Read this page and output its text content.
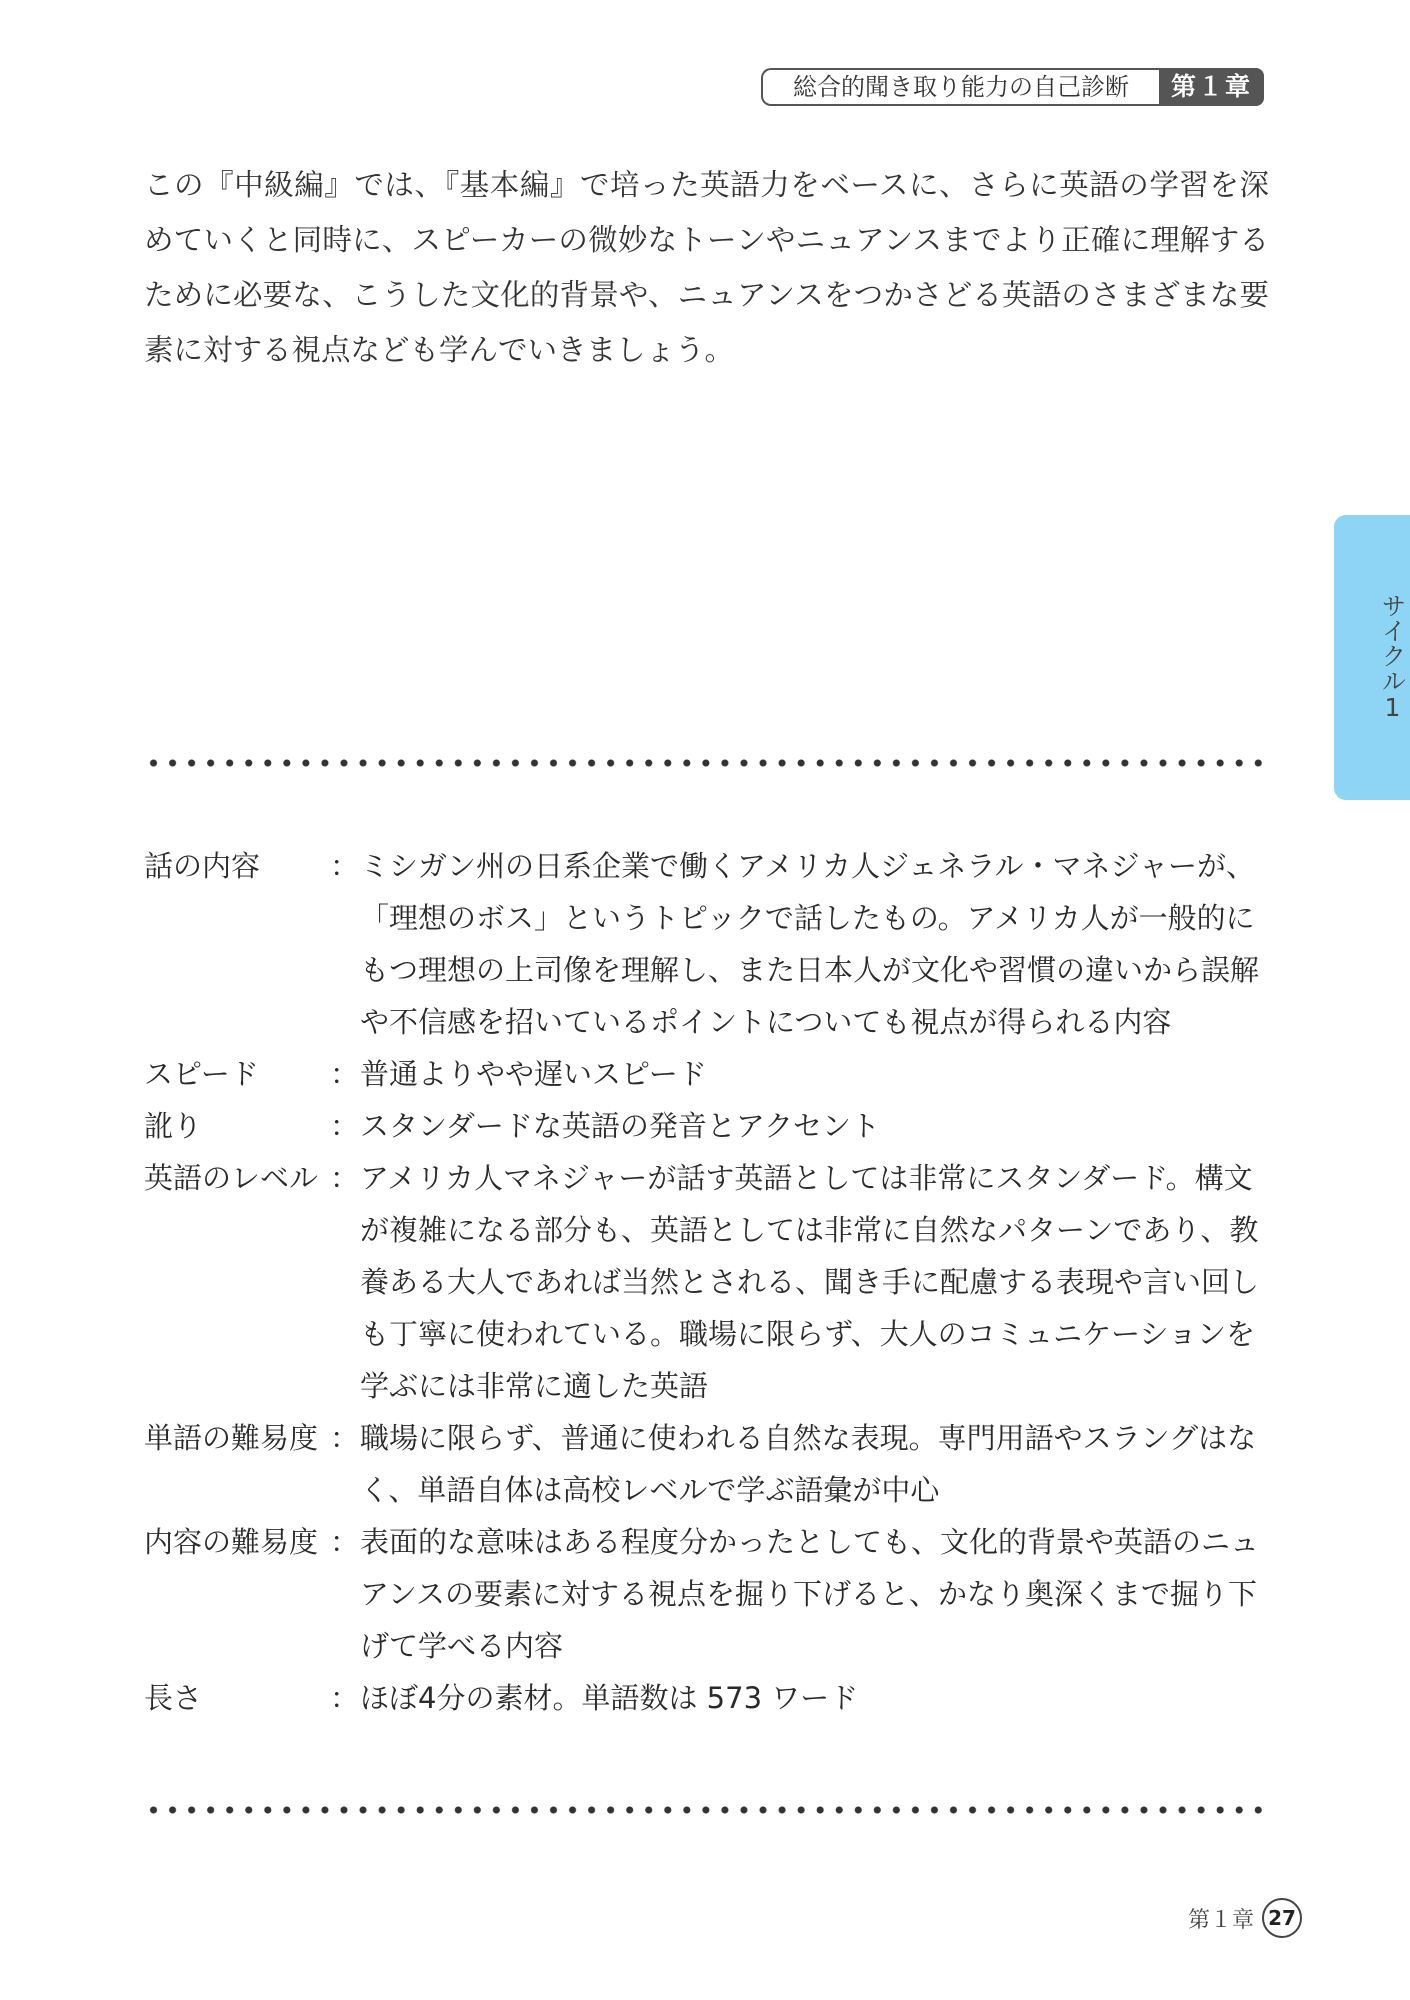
総合的聞き取り能力の自己診断	第１章

この『中級編』では、『基本編』で培った英語力をベースに、さらに英語の学習を深めていくと同時に、スピーカーの微妙なトーンやニュアンスまでより正確に理解するために必要な、こうした文化的背景や、ニュアンスをつかさどる英語のさまざまな要素に対する視点なども学んでいきましょう。

サイクル1
話の内容	： ミシガン州の日系企業で働くアメリカ人ジェネラル・マネジャーが、「理想のボス」というトピックで話したもの。アメリカ人が一般的にもつ理想の上司像を理解し、また日本人が文化や習慣の違いから誤解や不信感を招いているポイントについても視点が得られる内容
スピード	： 普通よりやや遅いスピード
訛り	： スタンダードな英語の発音とアクセント
英語のレベル ： アメリカ人マネジャーが話す英語としては非常にスタンダード。構文が複雑になる部分も、英語としては非常に自然なパターンであり、教養ある大人であれば当然とされる、聞き手に配慮する表現や言い回しも丁寧に使われている。職場に限らず、大人のコミュニケーションを学ぶには非常に適した英語
単語の難易度 ： 職場に限らず、普通に使われる自然な表現。専門用語やスラングはなく、単語自体は高校レベルで学ぶ語彙が中心
内容の難易度 ： 表面的な意味はある程度分かったとしても、文化的背景や英語のニュアンスの要素に対する視点を掘り下げると、かなり奥深くまで掘り下げて学べる内容
長さ	： ほぼ4分の素材。単語数は 573 ワード
第１章 27
